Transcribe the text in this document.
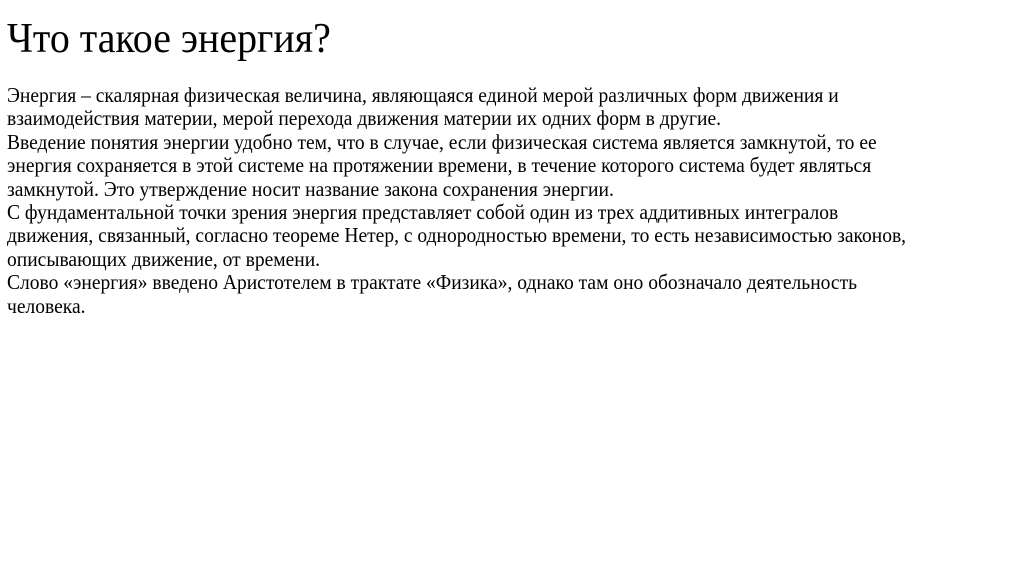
Что такое энергия?
Энергия – скалярная физическая величина, являющаяся единой мерой различных форм движения и
взаимодействия материи, мерой перехода движения материи их одних форм в другие.
Введение понятия энергии удобно тем, что в случае, если физическая система является замкнутой, то ее
энергия сохраняется в этой системе на протяжении времени, в течение которого система будет являться
замкнутой. Это утверждение носит название закона сохранения энергии.
С фундаментальной точки зрения энергия представляет собой один из трех аддитивных интегралов
движения, связанный, согласно теореме Нетер, с однородностью времени, то есть независимостью законов,
описывающих движение, от времени.
Слово «энергия» введено Аристотелем в трактате «Физика», однако там оно обозначало деятельность
человека.
